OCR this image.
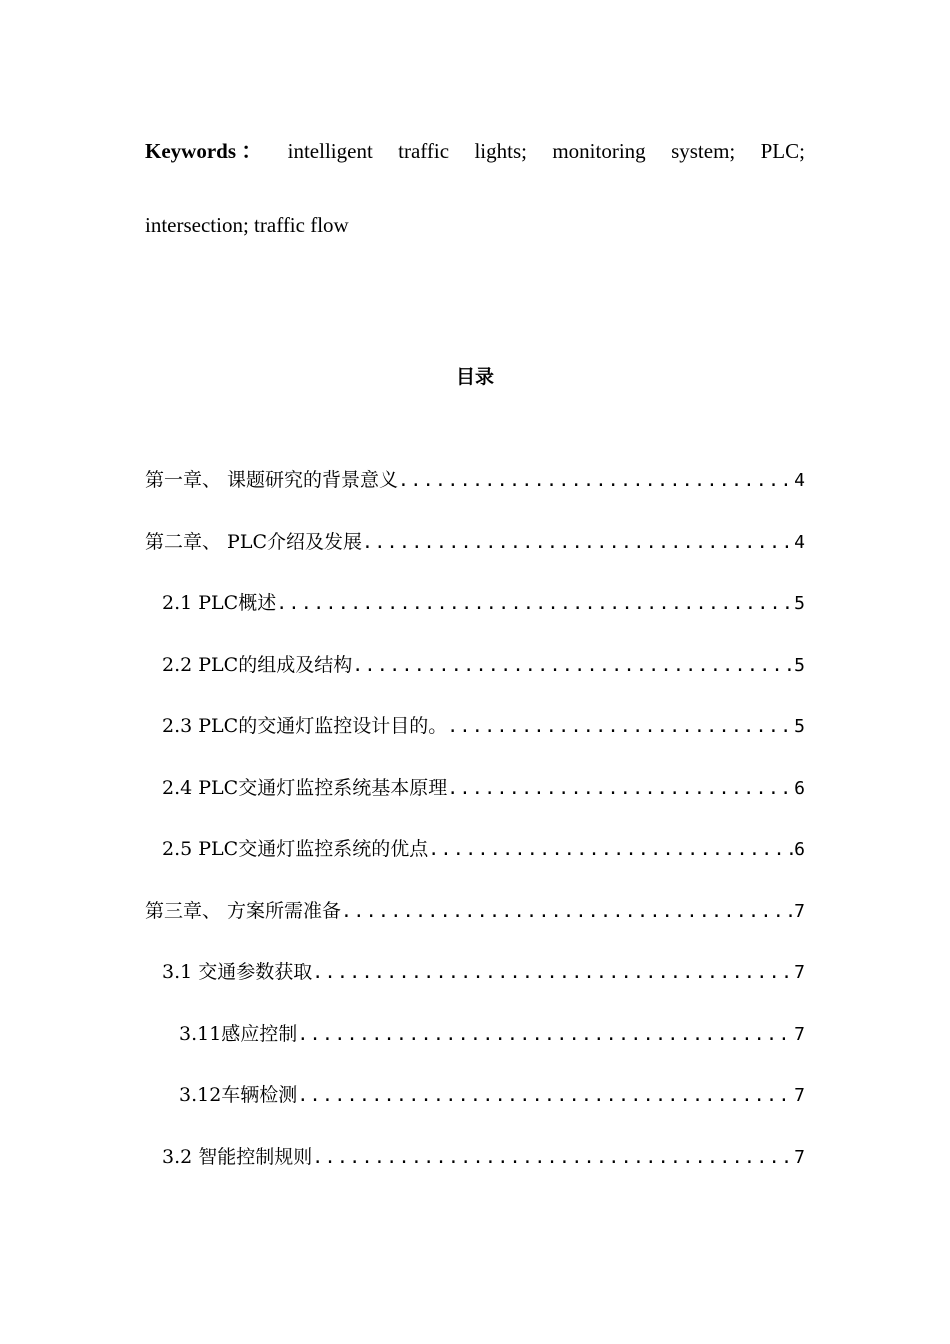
Keywords ： intelligent traffic lights; monitoring system; PLC;
intersection; traffic flow
目录
第一章、 课题研究的背景意义 .....	4
第二章、 PLC介绍及发展 .....	4
2.1 PLC概述 .....	5
2.2 PLC的组成及结构 .....	5
2.3 PLC的交通灯监控设计目的。 .....	5
2.4 PLC交通灯监控系统基本原理 .....	6
2.5 PLC交通灯监控系统的优点 .....	6
第三章、 方案所需准备 .....	7
3.1 交通参数获取 .....	7
3.11感应控制 .....	7
3.12车辆检测 .....	7
3.2 智能控制规则 .....	7
